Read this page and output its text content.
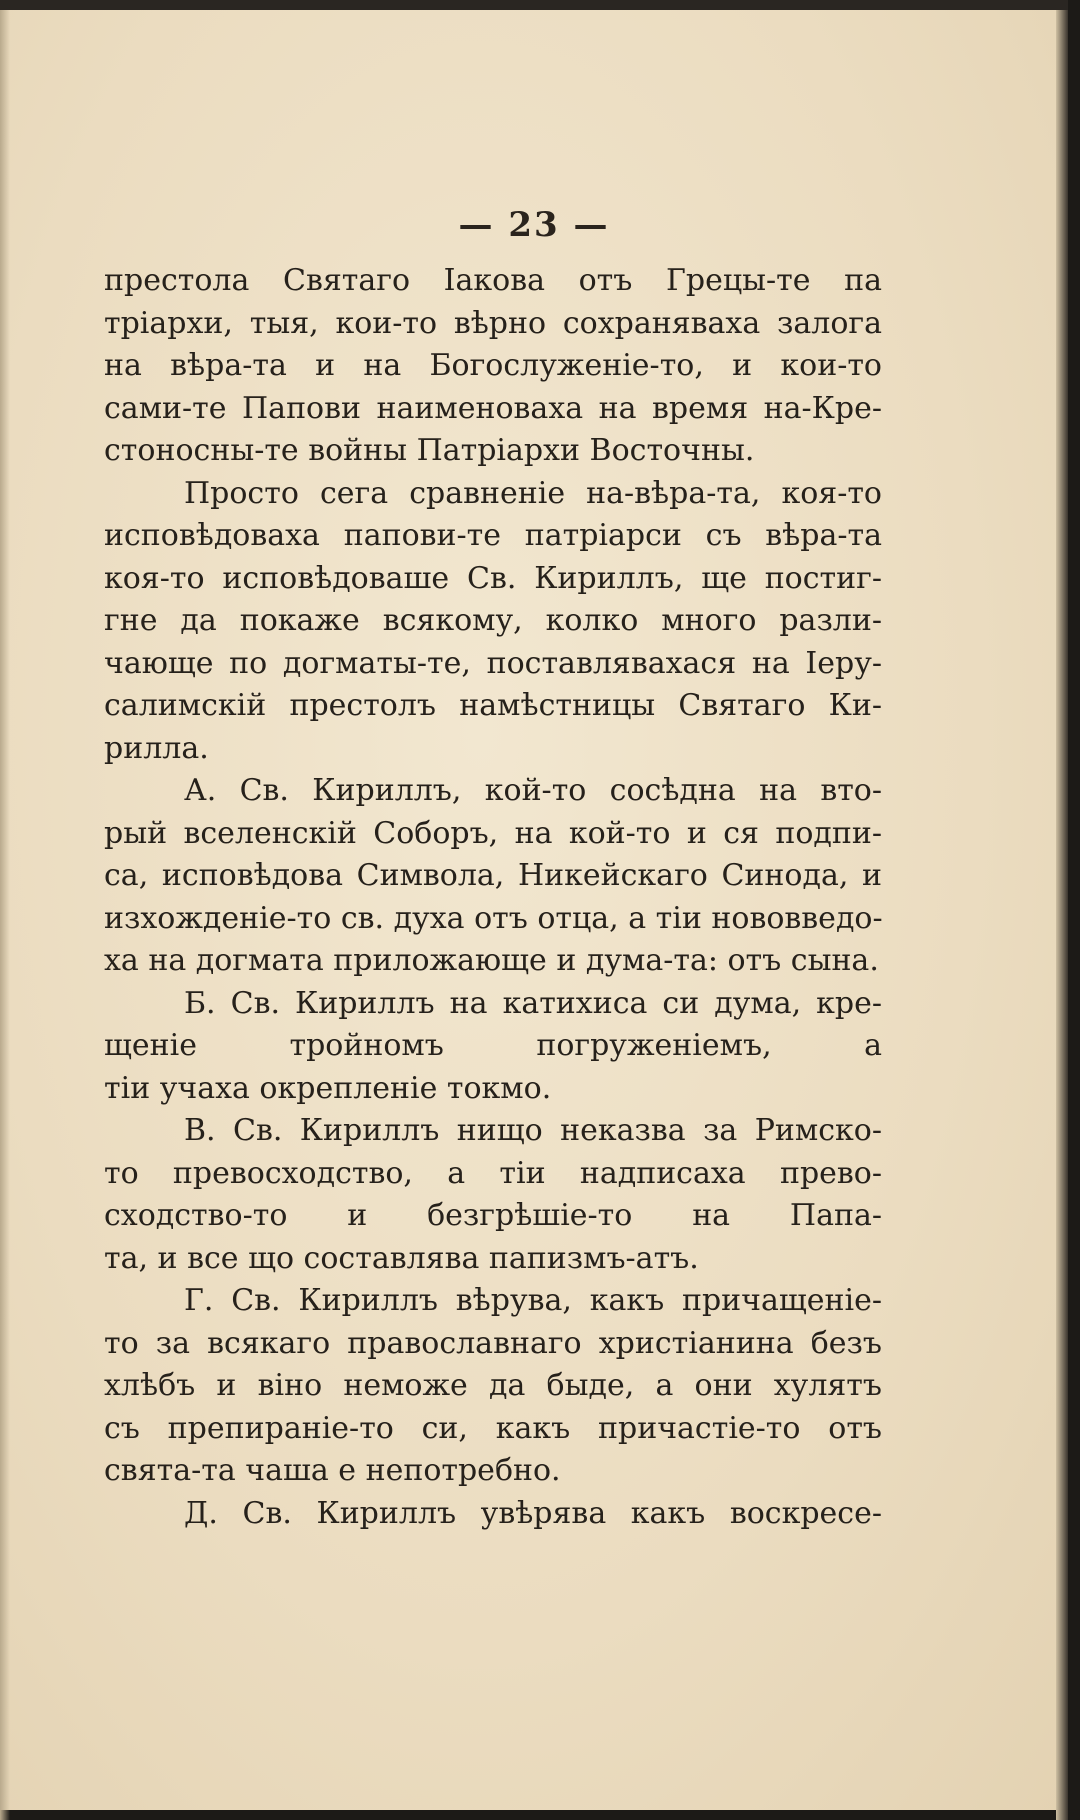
— 23 —
престола Святаго Іакова отъ Грецы-те па
тріархи, тыя, кои-то вѣрно сохраняваха залога
на вѣра-та и на Богослуженіе-то, и кои-то
сами-те Папови наименоваха на время на-Кре-
стоносны-те войны Патріархи Восточны.
Просто сега сравненіе на-вѣра-та, коя-то
исповѣдоваха папови-те патріарси съ вѣра-та
коя-то исповѣдоваше Св. Кириллъ, ще постиг-
гне да покаже всякому, колко много разли-
чающе по догматы-те, поставлявахася на Іеру-
салимскій престолъ намѣстницы Святаго Ки-
рилла.
А. Св. Кириллъ, кой-то соcѣдна на вто-
рый вселенскій Соборъ, на кой-то и ся подпи-
са, исповѣдова Символа, Никейскаго Синода, и
изхожденіе-то св. духа отъ отца, а тіи нововведо-
ха на догмата приложающе и дума-та: отъ сына.
Б. Св. Кириллъ на катихиса си дума, кре-
щеніе тройномъ погруженіемъ, а
тіи учаха окрепленіе токмо.
В. Св. Кириллъ нищо неказва за Римско-
то превосходство, а тіи надписаха прево-
сходство-то и безгрѣшіе-то на Папа-
та, и все що составлява папизмъ-атъ.
Г. Св. Кириллъ вѣрува, какъ причащеніе-
то за всякаго православнаго христіанина безъ
хлѣбъ и віно неможе да быде, а они хулятъ
съ препираніе-то си, какъ причастіе-то отъ
свята-та чаша е непотребно.
Д. Св. Кириллъ увѣрява какъ воскресе-
